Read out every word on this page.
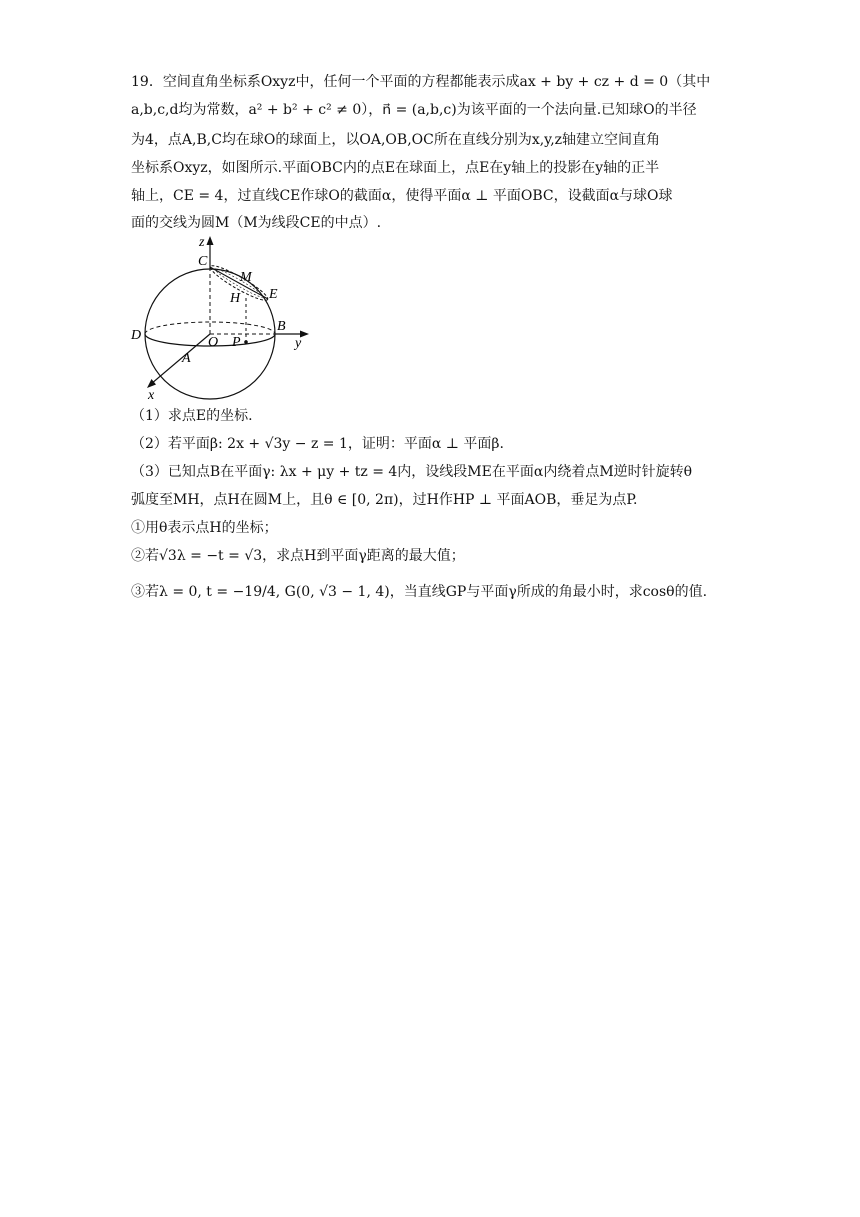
19．空间直角坐标系Oxyz中，任何一个平面的方程都能表示成ax + by + cz + d = 0（其中
a,b,c,d均为常数，a² + b² + c² ≠ 0），n⃗ = (a,b,c)为该平面的一个法向量.已知球O的半径
为4，点A,B,C均在球O的球面上，以OA,OB,OC所在直线分别为x,y,z轴建立空间直角
坐标系Oxyz，如图所示.平面OBC内的点E在球面上，点E在y轴上的投影在y轴的正半
轴上，CE = 4，过直线CE作球O的截面α，使得平面α ⊥ 平面OBC，设截面α与球O球
面的交线为圆M（M为线段CE的中点）.
z
C
M
H E
D
B
O P	y
A
x
（1）求点E的坐标.
（2）若平面β: 2x + √3y − z = 1，证明：平面α ⊥ 平面β.
（3）已知点B在平面γ: λx + μy + tz = 4内，设线段ME在平面α内绕着点M逆时针旋转θ
弧度至MH，点H在圆M上，且θ ∈ [0, 2π)，过H作HP ⊥ 平面AOB，垂足为点P.
①用θ表示点H的坐标；
②若√3λ = −t = √3，求点H到平面γ距离的最大值；
③若λ = 0, t = −19/4, G(0, √3 − 1, 4)，当直线GP与平面γ所成的角最小时，求cosθ的值.
